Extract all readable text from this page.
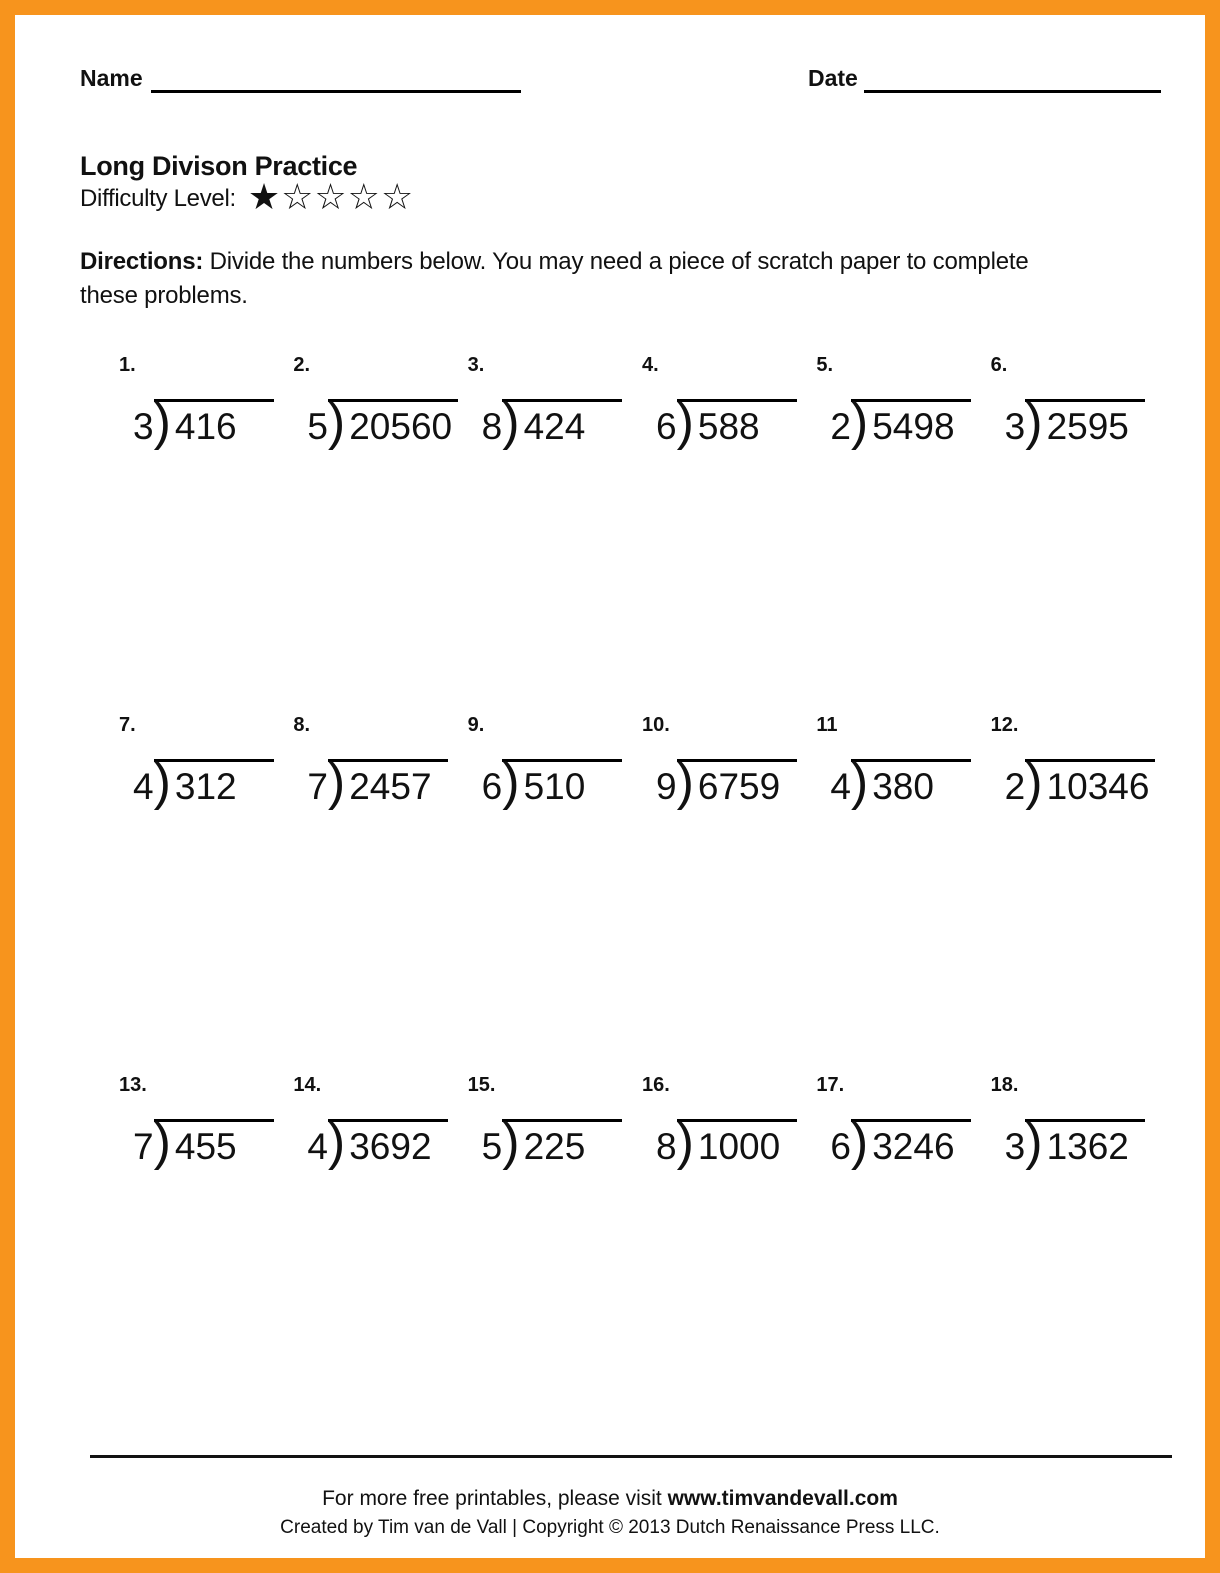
Name	Date
Long Divison Practice
Difficulty Level: ★☆☆☆☆
Directions: Divide the numbers below. You may need a piece of scratch paper to complete these problems.
1.
3 ) 416
2.
5 ) 20560
3.
8 ) 424
4.
6 ) 588
5.
2 ) 5498
6.
3 ) 2595
7.
4 ) 312
8.
7 ) 2457
9.
6 ) 510
10.
9 ) 6759
11
4 ) 380
12.
2 ) 10346
13.
7 ) 455
14.
4 ) 3692
15.
5 ) 225
16.
8 ) 1000
17.
6 ) 3246
18.
3 ) 1362
For more free printables, please visit www.timvandevall.com
Created by Tim van de Vall | Copyright © 2013 Dutch Renaissance Press LLC.
